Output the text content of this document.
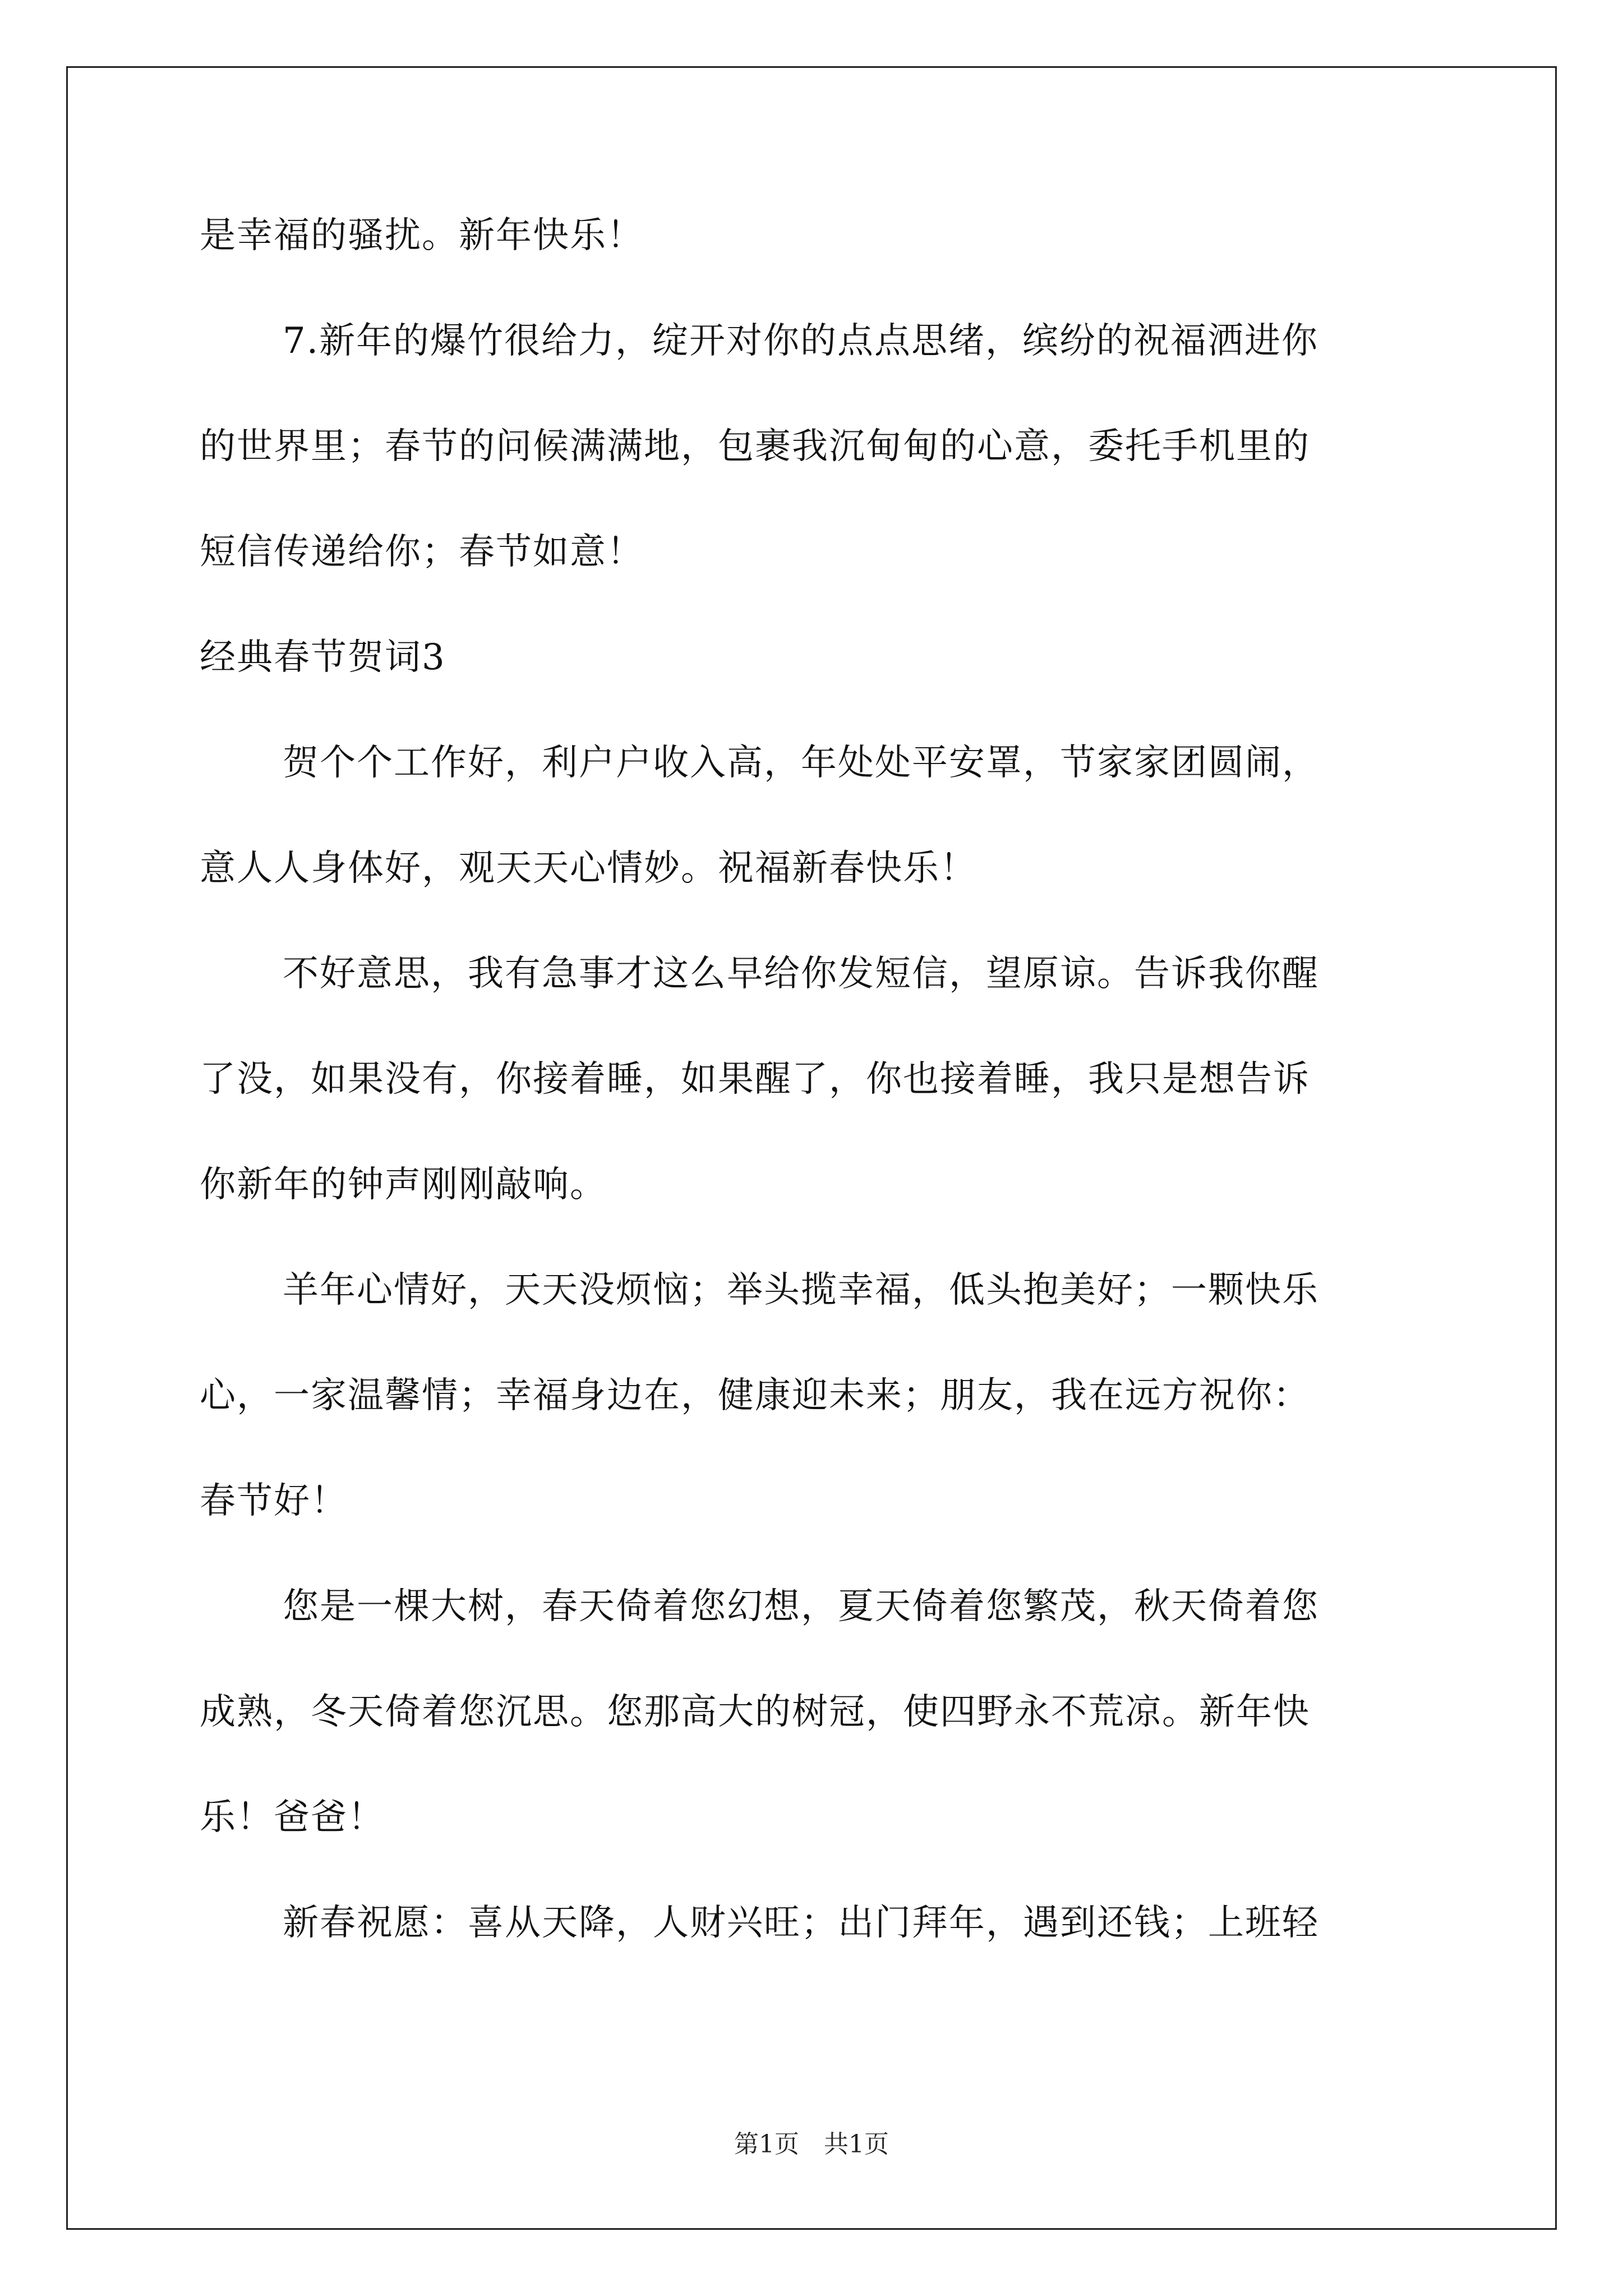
是幸福的骚扰。新年快乐！
7.新年的爆竹很给力，绽开对你的点点思绪，缤纷的祝福洒进你
的世界里；春节的问候满满地，包裹我沉甸甸的心意，委托手机里的
短信传递给你；春节如意！
经典春节贺词3
贺个个工作好，利户户收入高，年处处平安罩，节家家团圆闹，
意人人身体好，观天天心情妙。祝福新春快乐！
不好意思，我有急事才这么早给你发短信，望原谅。告诉我你醒
了没，如果没有，你接着睡，如果醒了，你也接着睡，我只是想告诉
你新年的钟声刚刚敲响。
羊年心情好，天天没烦恼；举头揽幸福，低头抱美好；一颗快乐
心，一家温馨情；幸福身边在，健康迎未来；朋友，我在远方祝你：
春节好！
您是一棵大树，春天倚着您幻想，夏天倚着您繁茂，秋天倚着您
成熟，冬天倚着您沉思。您那高大的树冠，使四野永不荒凉。新年快
乐！爸爸！
新春祝愿：喜从天降，人财兴旺；出门拜年，遇到还钱；上班轻
第1页　共1页
